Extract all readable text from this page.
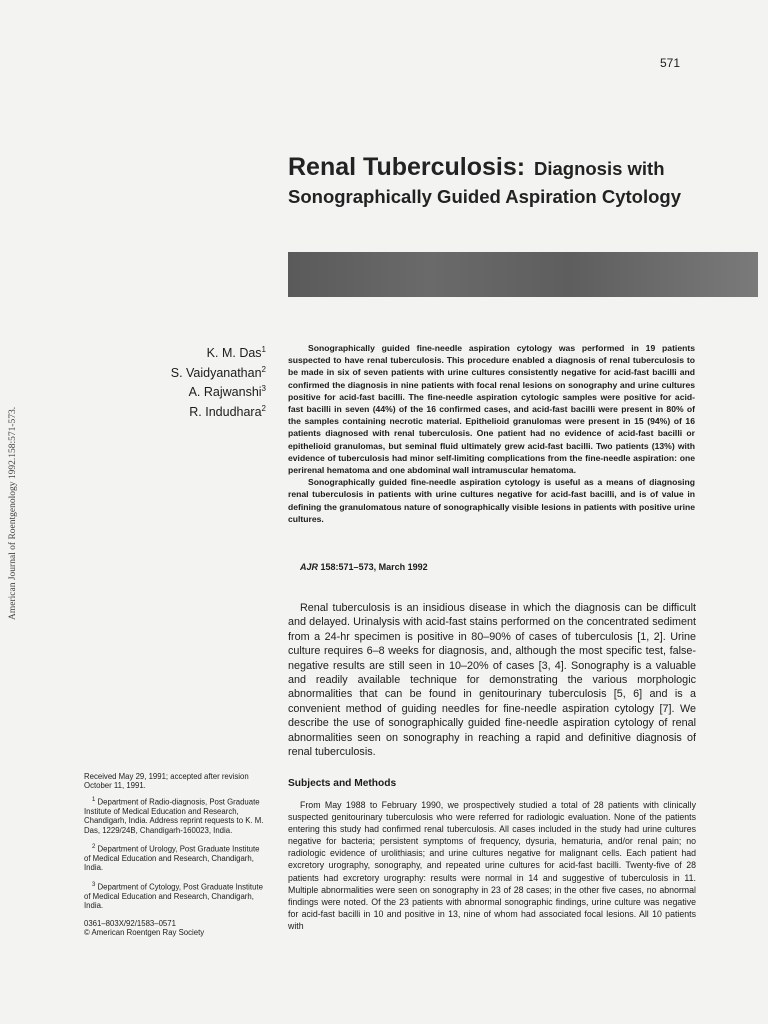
571
American Journal of Roentgenology 1992.158:571-573.
Renal Tuberculosis: Diagnosis with
Sonographically Guided Aspiration Cytology
K. M. Das$^1$
S. Vaidyanathan$^2$
A. Rajwanshi$^3$
R. Indudhara$^2$

Sonographically guided fine-needle aspiration cytology was performed in 19 patients suspected to have renal tuberculosis. This procedure enabled a diagnosis of renal tuberculosis to be made in six of seven patients with urine cultures consistently negative for acid-fast bacilli and confirmed the diagnosis in nine patients with focal renal lesions on sonography and urine cultures positive for acid-fast bacilli. The fine-needle aspiration cytologic samples were positive for acid-fast bacilli in seven (44%) of the 16 confirmed cases, and acid-fast bacilli were present in 80% of the samples containing necrotic material. Epithelioid granulomas were present in 15 (94%) of 16 patients diagnosed with renal tuberculosis. One patient had no evidence of acid-fast bacilli or epithelioid granulomas, but seminal fluid ultimately grew acid-fast bacilli. Two patients (13%) with evidence of tuberculosis had minor self-limiting complications from the fine-needle aspiration: one perirenal hematoma and one abdominal wall intramuscular hematoma.

Sonographically guided fine-needle aspiration cytology is useful as a means of diagnosing renal tuberculosis in patients with urine cultures negative for acid-fast bacilli, and is of value in defining the granulomatous nature of sonographically visible lesions in patients with positive urine cultures.

AJR 158:571–573, March 1992

Renal tuberculosis is an insidious disease in which the diagnosis can be difficult and delayed. Urinalysis with acid-fast stains performed on the concentrated sediment from a 24-hr specimen is positive in 80–90% of cases of tuberculosis [1, 2]. Urine culture requires 6–8 weeks for diagnosis, and, although the most specific test, false-negative results are still seen in 10–20% of cases [3, 4]. Sonography is a valuable and readily available technique for demonstrating the various morphologic abnormalities that can be found in genitourinary tuberculosis [5, 6] and is a convenient method of guiding needles for fine-needle aspiration cytology [7]. We describe the use of sonographically guided fine-needle aspiration cytology of renal abnormalities seen on sonography in reaching a rapid and definitive diagnosis of renal tuberculosis.

Subjects and Methods

From May 1988 to February 1990, we prospectively studied a total of 28 patients with clinically suspected genitourinary tuberculosis who were referred for radiologic evaluation. None of the patients entering this study had confirmed renal tuberculosis. All cases included in the study had urine cultures negative for bacteria; persistent symptoms of frequency, dysuria, hematuria, and/or renal pain; no radiologic evidence of urolithiasis; and urine cultures negative for malignant cells. Each patient had excretory urography, sonography, and repeated urine cultures for acid-fast bacilli. Twenty-five of 28 patients had excretory urography: results were normal in 14 and suggestive of tuberculosis in 11. Multiple abnormalities were seen on sonography in 23 of 28 cases; in the other five cases, no abnormal findings were noted. Of the 23 patients with abnormal sonographic findings, urine culture was negative for acid-fast bacilli in 10 and positive in 13, nine of whom had associated focal lesions. All 10 patients with

Received May 29, 1991; accepted after revision October 11, 1991.

$^1$ Department of Radio-diagnosis, Post Graduate Institute of Medical Education and Research, Chandigarh, India. Address reprint requests to K. M. Das, 1229/24B, Chandigarh-160023, India.

$^2$ Department of Urology, Post Graduate Institute of Medical Education and Research, Chandigarh, India.

$^3$ Department of Cytology, Post Graduate Institute of Medical Education and Research, Chandigarh, India.

0361–803X/92/1583–0571

© American Roentgen Ray Society
